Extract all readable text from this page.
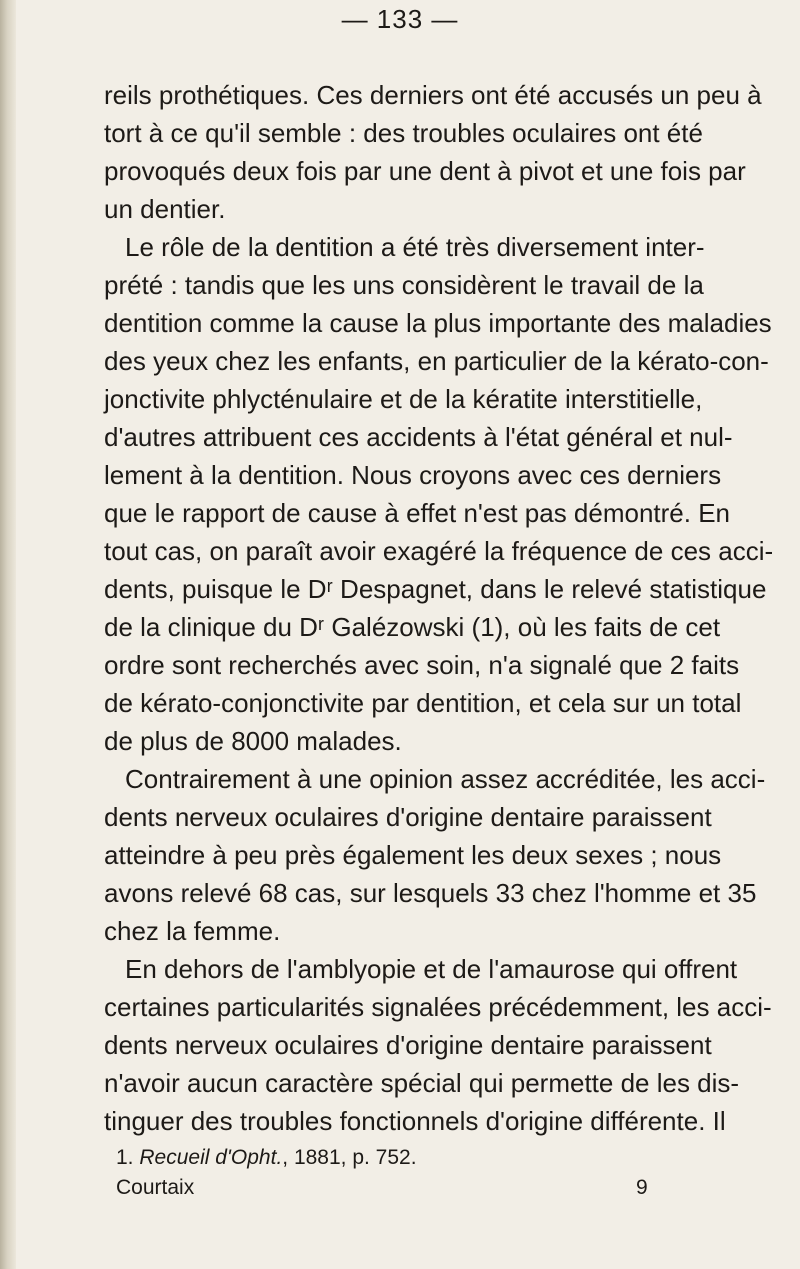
— 133 —
reils prothétiques. Ces derniers ont été accusés un peu à
tort à ce qu'il semble : des troubles oculaires ont été
provoqués deux fois par une dent à pivot et une fois par
un dentier.
Le rôle de la dentition a été très diversement inter-
prété : tandis que les uns considèrent le travail de la
dentition comme la cause la plus importante des maladies
des yeux chez les enfants, en particulier de la kérato-con-
jonctivite phlycténulaire et de la kératite interstitielle,
d'autres attribuent ces accidents à l'état général et nul-
lement à la dentition. Nous croyons avec ces derniers
que le rapport de cause à effet n'est pas démontré. En
tout cas, on paraît avoir exagéré la fréquence de ces acci-
dents, puisque le Dʳ Despagnet, dans le relevé statistique
de la clinique du Dʳ Galézowski (1), où les faits de cet
ordre sont recherchés avec soin, n'a signalé que 2 faits
de kérato-conjonctivite par dentition, et cela sur un total
de plus de 8000 malades.
Contrairement à une opinion assez accréditée, les acci-
dents nerveux oculaires d'origine dentaire paraissent
atteindre à peu près également les deux sexes ; nous
avons relevé 68 cas, sur lesquels 33 chez l'homme et 35
chez la femme.
En dehors de l'amblyopie et de l'amaurose qui offrent
certaines particularités signalées précédemment, les acci-
dents nerveux oculaires d'origine dentaire paraissent
n'avoir aucun caractère spécial qui permette de les dis-
tinguer des troubles fonctionnels d'origine différente. Il
1. Recueil d'Opht., 1881, p. 752.
Courtaix	9
